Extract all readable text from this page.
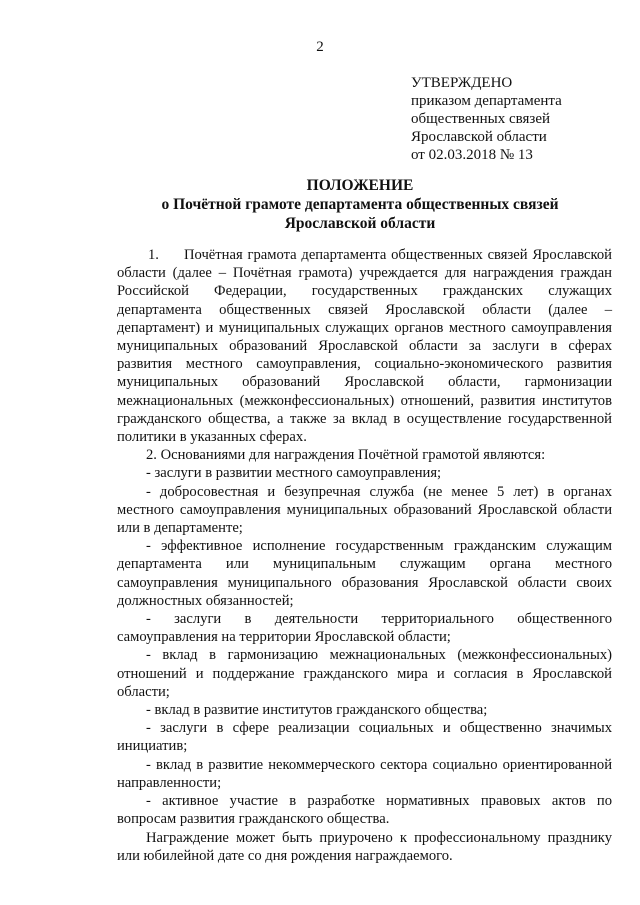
2
УТВЕРЖДЕНО
приказом департамента
общественных связей
Ярославской области
от 02.03.2018 № 13
ПОЛОЖЕНИЕ
о Почётной грамоте департамента общественных связей
Ярославской области

1. Почётная грамота департамента общественных связей Ярославской области (далее – Почётная грамота) учреждается для награждения граждан Российской Федерации, государственных гражданских служащих департамента общественных связей Ярославской области (далее – департамент) и муниципальных служащих органов местного самоуправления муниципальных образований Ярославской области за заслуги в сферах развития местного самоуправления, социально-экономического развития муниципальных образований Ярославской области, гармонизации межнациональных (межконфессиональных) отношений, развития институтов гражданского общества, а также за вклад в осуществление государственной политики в указанных сферах.

2. Основаниями для награждения Почётной грамотой являются:

- заслуги в развитии местного самоуправления;

- добросовестная и безупречная служба (не менее 5 лет) в органах местного самоуправления муниципальных образований Ярославской области или в департаменте;

- эффективное исполнение государственным гражданским служащим департамента или муниципальным служащим органа местного самоуправления муниципального образования Ярославской области своих должностных обязанностей;

- заслуги в деятельности территориального общественного самоуправления на территории Ярославской области;

- вклад в гармонизацию межнациональных (межконфессиональных) отношений и поддержание гражданского мира и согласия в Ярославской области;

- вклад в развитие институтов гражданского общества;

- заслуги в сфере реализации социальных и общественно значимых инициатив;

- вклад в развитие некоммерческого сектора социально ориентированной направленности;

- активное участие в разработке нормативных правовых актов по вопросам развития гражданского общества.

Награждение может быть приурочено к профессиональному празднику или юбилейной дате со дня рождения награждаемого.
